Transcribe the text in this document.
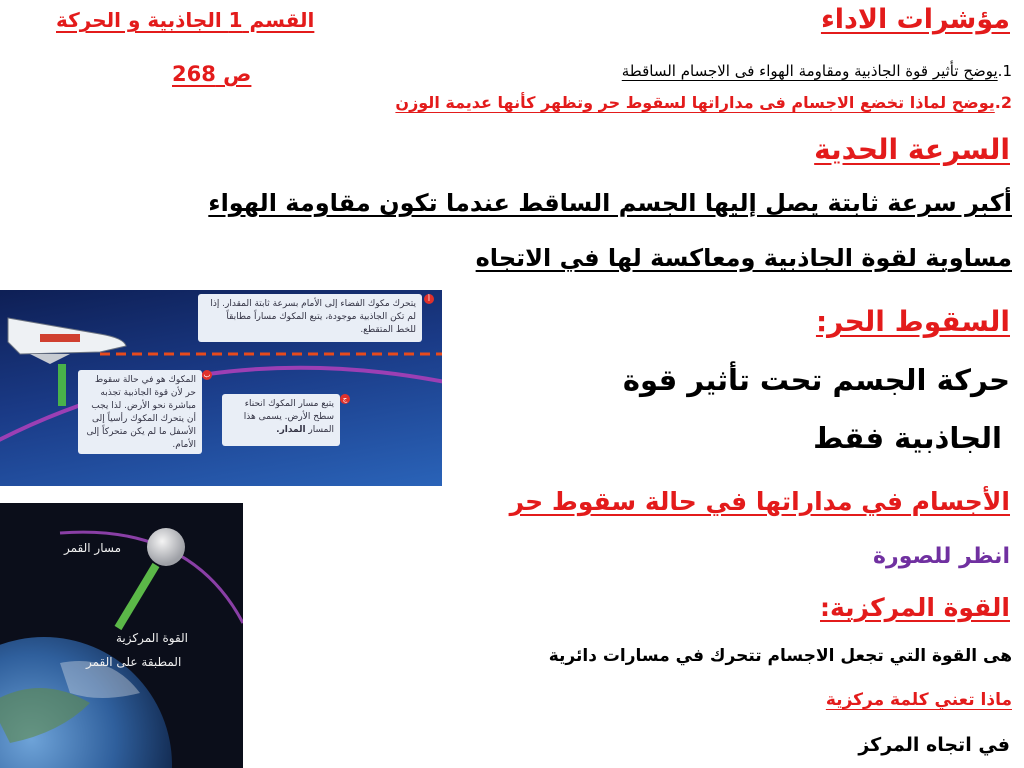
مؤشرات الاداء
القسم 1 الجاذبية و الحركة
ص 268	1.يوضح تأثير قوة الجاذبية ومقاومة الهواء فى الاجسام الساقطة
2.يوضح لماذا تخضع الاجسام فى مداراتها لسقوط حر وتظهر كأنها عديمة الوزن
السرعة الحدية
أكبر سرعة ثابتة يصل إليها الجسم الساقط عندما تكون مقاومة الهواء
مساوية لقوة الجاذبية ومعاكسة لها في الاتجاه
السقوط الحر:
حركة الجسم تحت تأثير قوة
الجاذبية فقط
الأجسام في مداراتها في حالة سقوط حر
انظر للصورة
القوة المركزية:
هى القوة التي تجعل الاجسام تتحرك في مسارات دائرية
ماذا تعني كلمة مركزية
في اتجاه المركز
يتحرك مكوك الفضاء إلى الأمام بسرعة ثابتة المقدار. إذا لم تكن الجاذبية موجودة، يتبع المكوك مساراً مطابقاً للخط المتقطع.
أ
المكوك هو في حالة سقوط حر لأن قوة الجاذبية تجذبه مباشرة نحو الأرض. لذا يجب أن يتحرك المكوك رأسياً إلى الأسفل ما لم يكن متحركاً إلى الأمام.
ب
يتبع مسار المكوك انحناء سطح الأرض. يسمى هذا المسار المدار.
ج
مسار القمر
القوة المركزية
المطبقة على القمر
